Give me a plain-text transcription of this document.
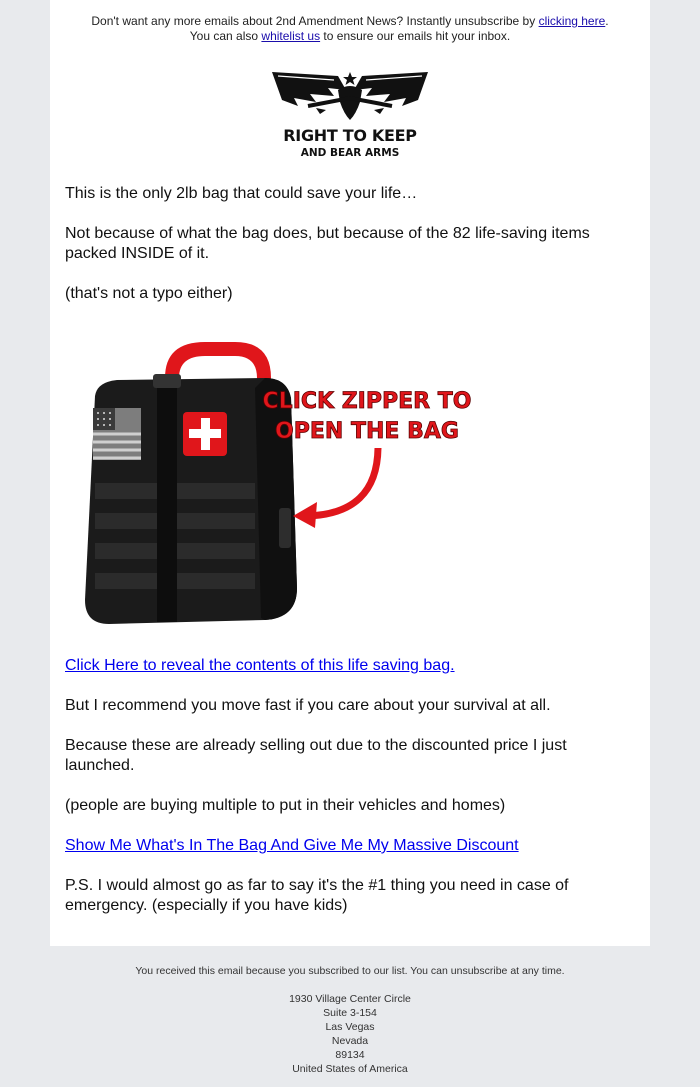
Don't want any more emails about 2nd Amendment News? Instantly unsubscribe by clicking here.
You can also whitelist us to ensure our emails hit your inbox.
RIGHT TO KEEP
AND BEAR ARMS

This is the only 2lb bag that could save your life…

Not because of what the bag does, but because of the 82 life-saving items packed INSIDE of it.

(that's not a typo either)

CLICK ZIPPER TO
OPEN THE BAG

Click Here to reveal the contents of this life saving bag.

But I recommend you move fast if you care about your survival at all.

Because these are already selling out due to the discounted price I just launched.

(people are buying multiple to put in their vehicles and homes)

Show Me What's In The Bag And Give Me My Massive Discount

P.S. I would almost go as far to say it's the #1 thing you need in case of emergency. (especially if you have kids)

You received this email because you subscribed to our list. You can unsubscribe at any time.
1930 Village Center Circle
Suite 3-154
Las Vegas
Nevada
89134
United States of America
